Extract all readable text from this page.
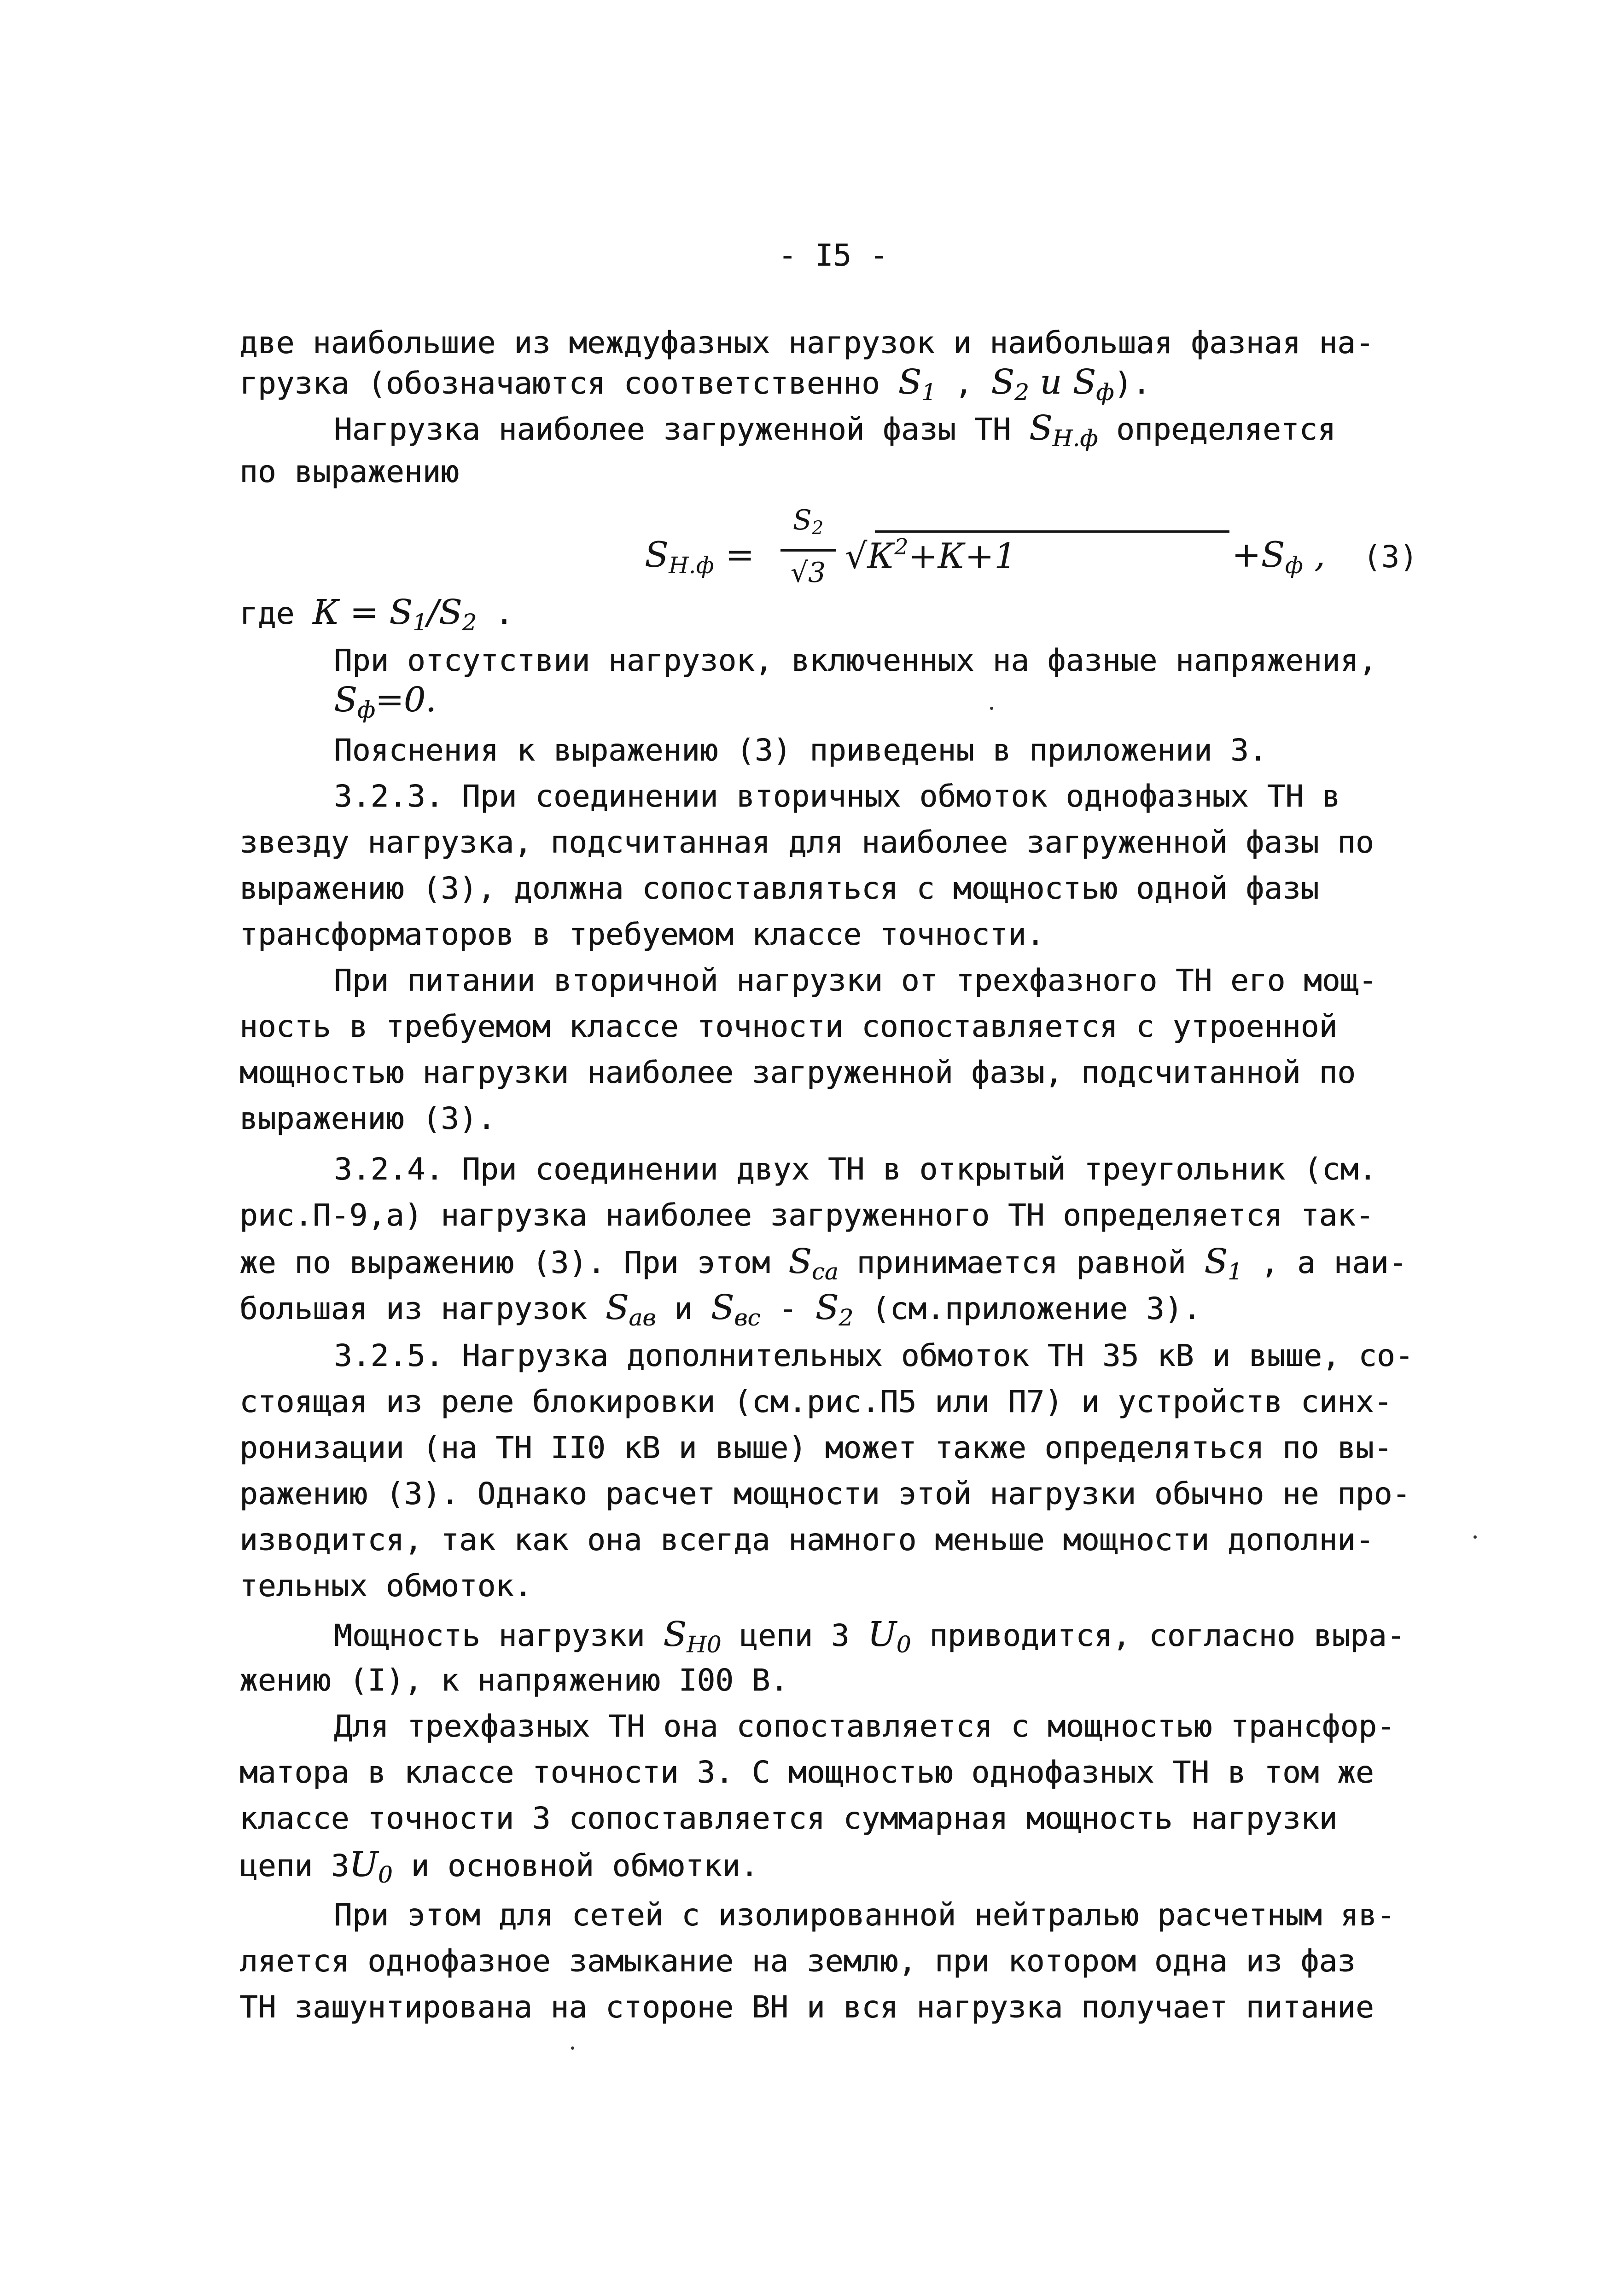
- I5 -
две наибольшие из междуфазных нагрузок и наибольшая фазная на-
грузка (обозначаются соответственно $S_1$ , $S_2$ и $S_ф$).
Нагрузка наиболее загруженной фазы ТН $S_{Н.ф}$ определяется
по выражению
SН.ф =
S2
√3 $√К^2+К+1$	+Sф , (3)
где $К = S_1/S_2$ .
При отсутствии нагрузок, включенных на фазные напряжения,
$S_ф=0$.
Пояснения к выражению (3) приведены в приложении 3.
3.2.3. При соединении вторичных обмоток однофазных ТН в
звезду нагрузка, подсчитанная для наиболее загруженной фазы по
выражению (3), должна сопоставляться с мощностью одной фазы
трансформаторов в требуемом классе точности.
При питании вторичной нагрузки от трехфазного ТН его мощ-
ность в требуемом классе точности сопоставляется с утроенной
мощностью нагрузки наиболее загруженной фазы, подсчитанной по
выражению (3).
3.2.4. При соединении двух ТН в открытый треугольник (см.
рис.П-9,а) нагрузка наиболее загруженного ТН определяется так-
же по выражению (3). При этом $S_{са}$ принимается равной $S_1$ , а наи-
большая из нагрузок $S_{ав}$ и $S_{вс} - S_2$ (см.приложение 3).
3.2.5. Нагрузка дополнительных обмоток ТН 35 кВ и выше, со-
стоящая из реле блокировки (см.рис.П5 или П7) и устройств синх-
ронизации (на ТН II0 кВ и выше) может также определяться по вы-
ражению (3). Однако расчет мощности этой нагрузки обычно не про-
изводится, так как она всегда намного меньше мощности дополни-
тельных обмоток.
Мощность нагрузки $S_{Н0}$ цепи 3 $U_0$ приводится, согласно выра-
жению (I), к напряжению I00 В.
Для трехфазных ТН она сопоставляется с мощностью трансфор-
матора в классе точности 3. С мощностью однофазных ТН в том же
классе точности 3 сопоставляется суммарная мощность нагрузки
цепи $3U_0$ и основной обмотки.
При этом для сетей с изолированной нейтралью расчетным яв-
ляется однофазное замыкание на землю, при котором одна из фаз
ТН зашунтирована на стороне ВН и вся нагрузка получает питание
